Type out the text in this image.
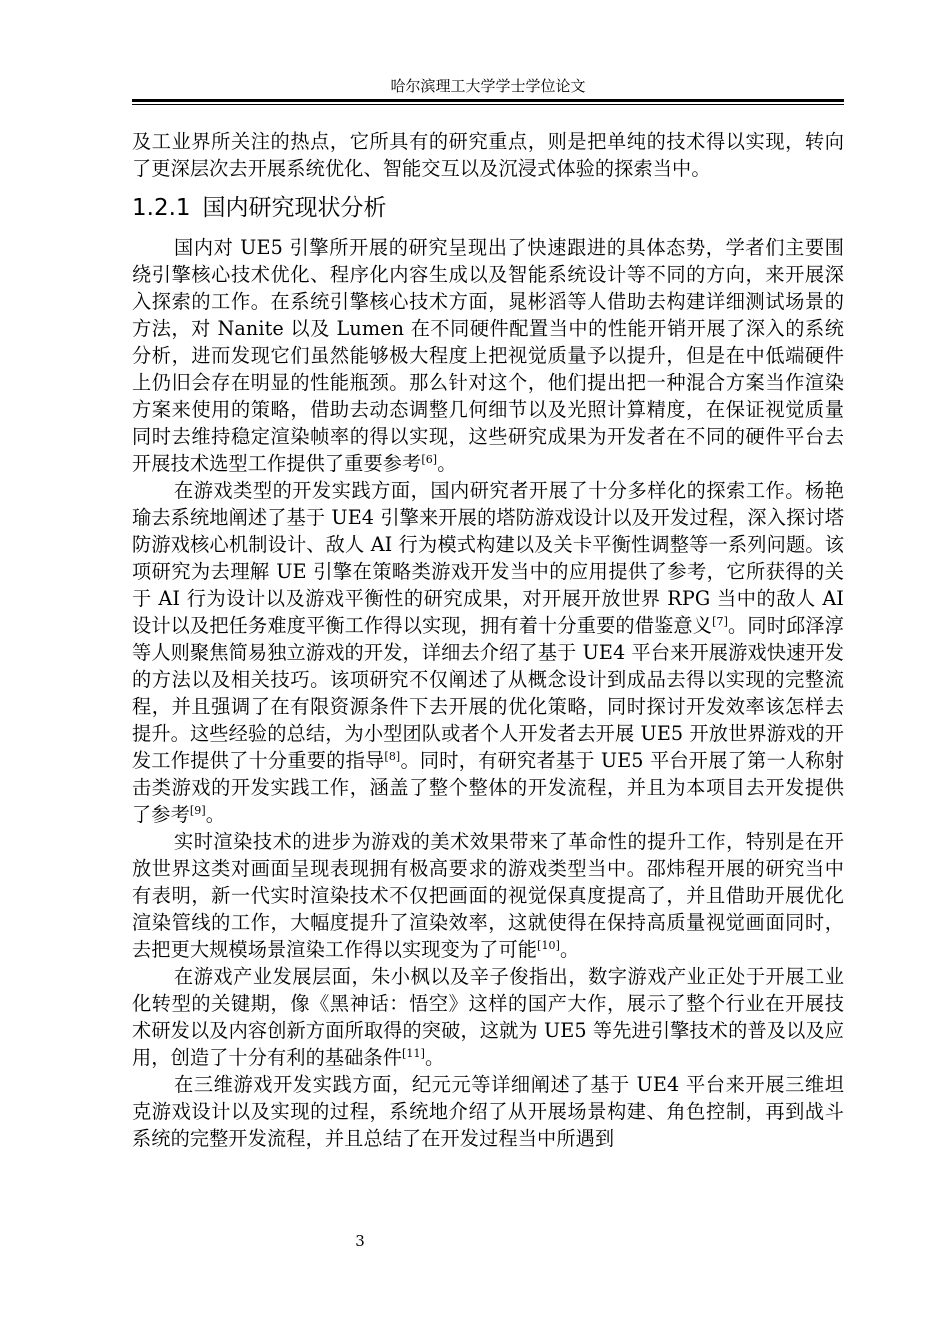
哈尔滨理工大学学士学位论文

及工业界所关注的热点，它所具有的研究重点，则是把单纯的技术得以实现，转向了更深层次去开展系统优化、智能交互以及沉浸式体验的探索当中。

1.2.1 国内研究现状分析

国内对 UE5 引擎所开展的研究呈现出了快速跟进的具体态势，学者们主要围绕引擎核心技术优化、程序化内容生成以及智能系统设计等不同的方向，来开展深入探索的工作。在系统引擎核心技术方面，晁彬滔等人借助去构建详细测试场景的方法，对 Nanite 以及 Lumen 在不同硬件配置当中的性能开销开展了深入的系统分析，进而发现它们虽然能够极大程度上把视觉质量予以提升，但是在中低端硬件上仍旧会存在明显的性能瓶颈。那么针对这个，他们提出把一种混合方案当作渲染方案来使用的策略，借助去动态调整几何细节以及光照计算精度，在保证视觉质量同时去维持稳定渲染帧率的得以实现，这些研究成果为开发者在不同的硬件平台去开展技术选型工作提供了重要参考[6]。

在游戏类型的开发实践方面，国内研究者开展了十分多样化的探索工作。杨艳瑜去系统地阐述了基于 UE4 引擎来开展的塔防游戏设计以及开发过程，深入探讨塔防游戏核心机制设计、敌人 AI 行为模式构建以及关卡平衡性调整等一系列问题。该项研究为去理解 UE 引擎在策略类游戏开发当中的应用提供了参考，它所获得的关于 AI 行为设计以及游戏平衡性的研究成果，对开展开放世界 RPG 当中的敌人 AI 设计以及把任务难度平衡工作得以实现，拥有着十分重要的借鉴意义[7]。同时邱泽淳等人则聚焦简易独立游戏的开发，详细去介绍了基于 UE4 平台来开展游戏快速开发的方法以及相关技巧。该项研究不仅阐述了从概念设计到成品去得以实现的完整流程，并且强调了在有限资源条件下去开展的优化策略，同时探讨开发效率该怎样去提升。这些经验的总结，为小型团队或者个人开发者去开展 UE5 开放世界游戏的开发工作提供了十分重要的指导[8]。同时，有研究者基于 UE5 平台开展了第一人称射击类游戏的开发实践工作，涵盖了整个整体的开发流程，并且为本项目去开发提供了参考[9]。

实时渲染技术的进步为游戏的美术效果带来了革命性的提升工作，特别是在开放世界这类对画面呈现表现拥有极高要求的游戏类型当中。邵炜程开展的研究当中有表明，新一代实时渲染技术不仅把画面的视觉保真度提高了，并且借助开展优化渲染管线的工作，大幅度提升了渲染效率，这就使得在保持高质量视觉画面同时，去把更大规模场景渲染工作得以实现变为了可能[10]。

在游戏产业发展层面，朱小枫以及辛子俊指出，数字游戏产业正处于开展工业化转型的关键期，像《黑神话：悟空》这样的国产大作，展示了整个行业在开展技术研发以及内容创新方面所取得的突破，这就为 UE5 等先进引擎技术的普及以及应用，创造了十分有利的基础条件[11]。

在三维游戏开发实践方面，纪元元等详细阐述了基于 UE4 平台来开展三维坦克游戏设计以及实现的过程，系统地介绍了从开展场景构建、角色控制，再到战斗系统的完整开发流程，并且总结了在开发过程当中所遇到

3
